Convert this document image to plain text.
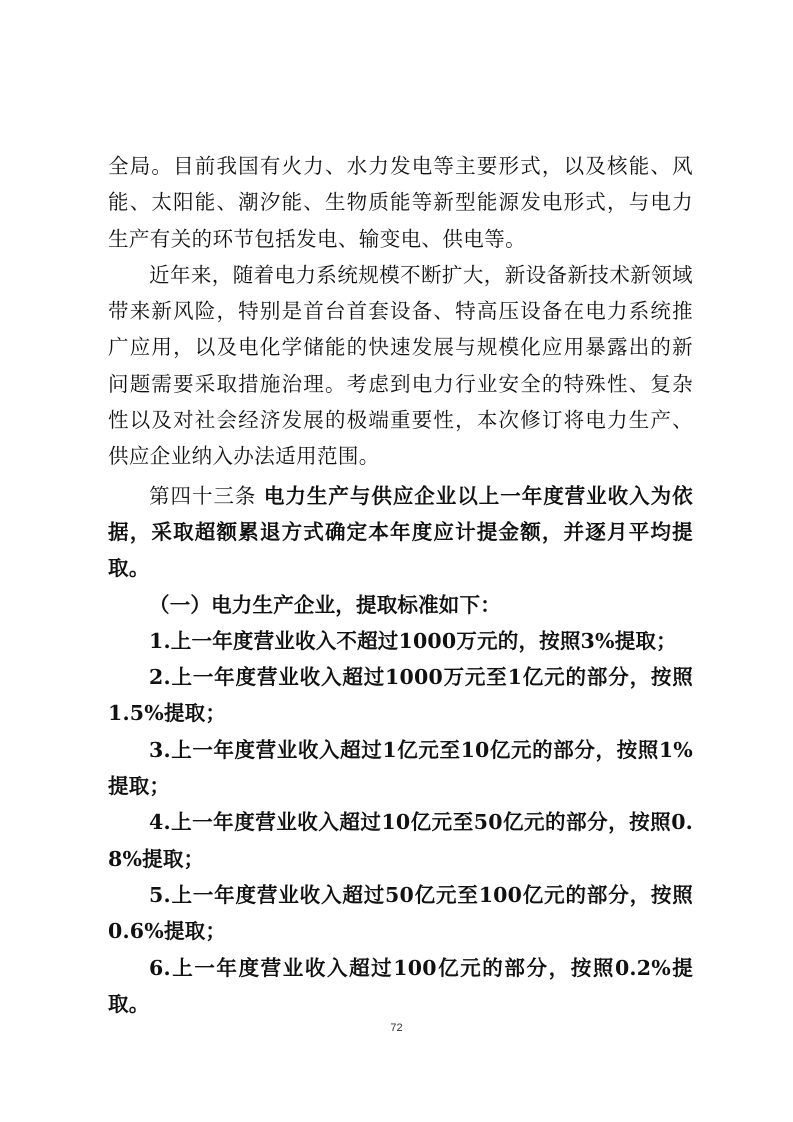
全局。目前我国有火力、水力发电等主要形式，以及核能、风能、太阳能、潮汐能、生物质能等新型能源发电形式，与电力生产有关的环节包括发电、输变电、供电等。

近年来，随着电力系统规模不断扩大，新设备新技术新领域带来新风险，特别是首台首套设备、特高压设备在电力系统推广应用，以及电化学储能的快速发展与规模化应用暴露出的新问题需要采取措施治理。考虑到电力行业安全的特殊性、复杂性以及对社会经济发展的极端重要性，本次修订将电力生产、供应企业纳入办法适用范围。

第四十三条 电力生产与供应企业以上一年度营业收入为依据，采取超额累退方式确定本年度应计提金额，并逐月平均提取。

（一）电力生产企业，提取标准如下：

1.上一年度营业收入不超过1000万元的，按照3%提取；

2.上一年度营业收入超过1000万元至1亿元的部分，按照1.5%提取；

3.上一年度营业收入超过1亿元至10亿元的部分，按照1%提取；

4.上一年度营业收入超过10亿元至50亿元的部分，按照0.8%提取；

5.上一年度营业收入超过50亿元至100亿元的部分，按照0.6%提取；

6.上一年度营业收入超过100亿元的部分，按照0.2%提取。

72
